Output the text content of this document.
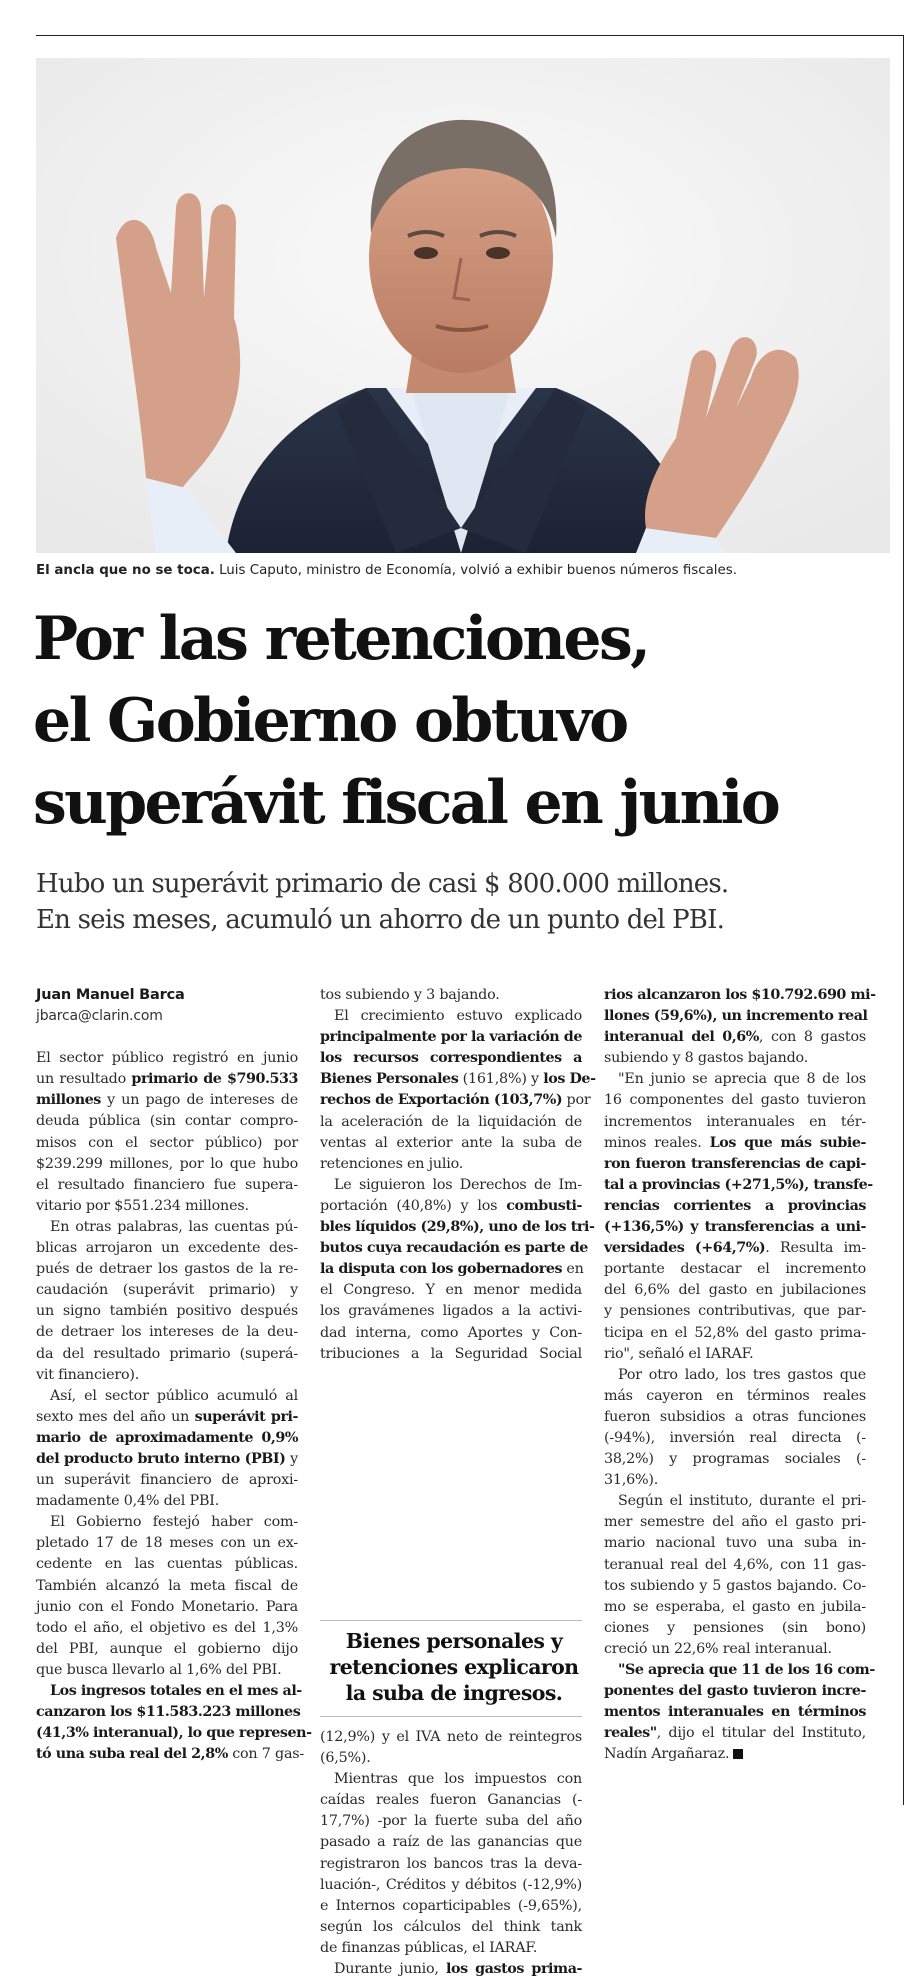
El ancla que no se toca. Luis Caputo, ministro de Economía, volvió a exhibir buenos números fiscales.
Por las retenciones,
el Gobierno obtuvo
superávit fiscal en junio
Hubo un superávit primario de casi $ 800.000 millones.
En seis meses, acumuló un ahorro de un punto del PBI.
Juan Manuel Barca
jbarca@clarin.com
El sector público registró en junio
un resultado primario de $790.533
millones y un pago de intereses de
deuda pública (sin contar compro-
misos con el sector público) por
$239.299 millones, por lo que hubo
el resultado financiero fue supera-
vitario por $551.234 millones.
En otras palabras, las cuentas pú-
blicas arrojaron un excedente des-
pués de detraer los gastos de la re-
caudación (superávit primario) y
un signo también positivo después
de detraer los intereses de la deu-
da del resultado primario (superá-
vit financiero).
Así, el sector público acumuló al
sexto mes del año un superávit pri-
mario de aproximadamente 0,9%
del producto bruto interno (PBI) y
un superávit financiero de aproxi-
madamente 0,4% del PBI.
El Gobierno festejó haber com-
pletado 17 de 18 meses con un ex-
cedente en las cuentas públicas.
También alcanzó la meta fiscal de
junio con el Fondo Monetario. Para
todo el año, el objetivo es del 1,3%
del PBI, aunque el gobierno dijo
que busca llevarlo al 1,6% del PBI.
Los ingresos totales en el mes al-
canzaron los $11.583.223 millones
(41,3% interanual), lo que represen-
tó una suba real del 2,8% con 7 gas-
tos subiendo y 3 bajando.
El crecimiento estuvo explicado
principalmente por la variación de
los recursos correspondientes a
Bienes Personales (161,8%) y los De-
rechos de Exportación (103,7%) por
la aceleración de la liquidación de
ventas al exterior ante la suba de
retenciones en julio.
Le siguieron los Derechos de Im-
portación (40,8%) y los combusti-
bles líquidos (29,8%), uno de los tri-
butos cuya recaudación es parte de
la disputa con los gobernadores en
el Congreso. Y en menor medida
los gravámenes ligados a la activi-
dad interna, como Aportes y Con-
tribuciones a la Seguridad Social
Bienes personales y
retenciones explicaron
la suba de ingresos.
(12,9%) y el IVA neto de reintegros
(6,5%).
Mientras que los impuestos con
caídas reales fueron Ganancias (-
17,7%) -por la fuerte suba del año
pasado a raíz de las ganancias que
registraron los bancos tras la deva-
luación-, Créditos y débitos (-12,9%)
e Internos coparticipables (-9,65%),
según los cálculos del think tank
de finanzas públicas, el IARAF.
Durante junio, los gastos prima-
rios alcanzaron los $10.792.690 mi-
llones (59,6%), un incremento real
interanual del 0,6%, con 8 gastos
subiendo y 8 gastos bajando.
"En junio se aprecia que 8 de los
16 componentes del gasto tuvieron
incrementos interanuales en tér-
minos reales. Los que más subie-
ron fueron transferencias de capi-
tal a provincias (+271,5%), transfe-
rencias corrientes a provincias
(+136,5%) y transferencias a uni-
versidades (+64,7%). Resulta im-
portante destacar el incremento
del 6,6% del gasto en jubilaciones
y pensiones contributivas, que par-
ticipa en el 52,8% del gasto prima-
rio", señaló el IARAF.
Por otro lado, los tres gastos que
más cayeron en términos reales
fueron subsidios a otras funciones
(-94%), inversión real directa (-
38,2%) y programas sociales (-
31,6%).
Según el instituto, durante el pri-
mer semestre del año el gasto pri-
mario nacional tuvo una suba in-
teranual real del 4,6%, con 11 gas-
tos subiendo y 5 gastos bajando. Co-
mo se esperaba, el gasto en jubila-
ciones y pensiones (sin bono)
creció un 22,6% real interanual.
"Se aprecia que 11 de los 16 com-
ponentes del gasto tuvieron incre-
mentos interanuales en términos
reales", dijo el titular del Instituto,
Nadín Argañaraz.
